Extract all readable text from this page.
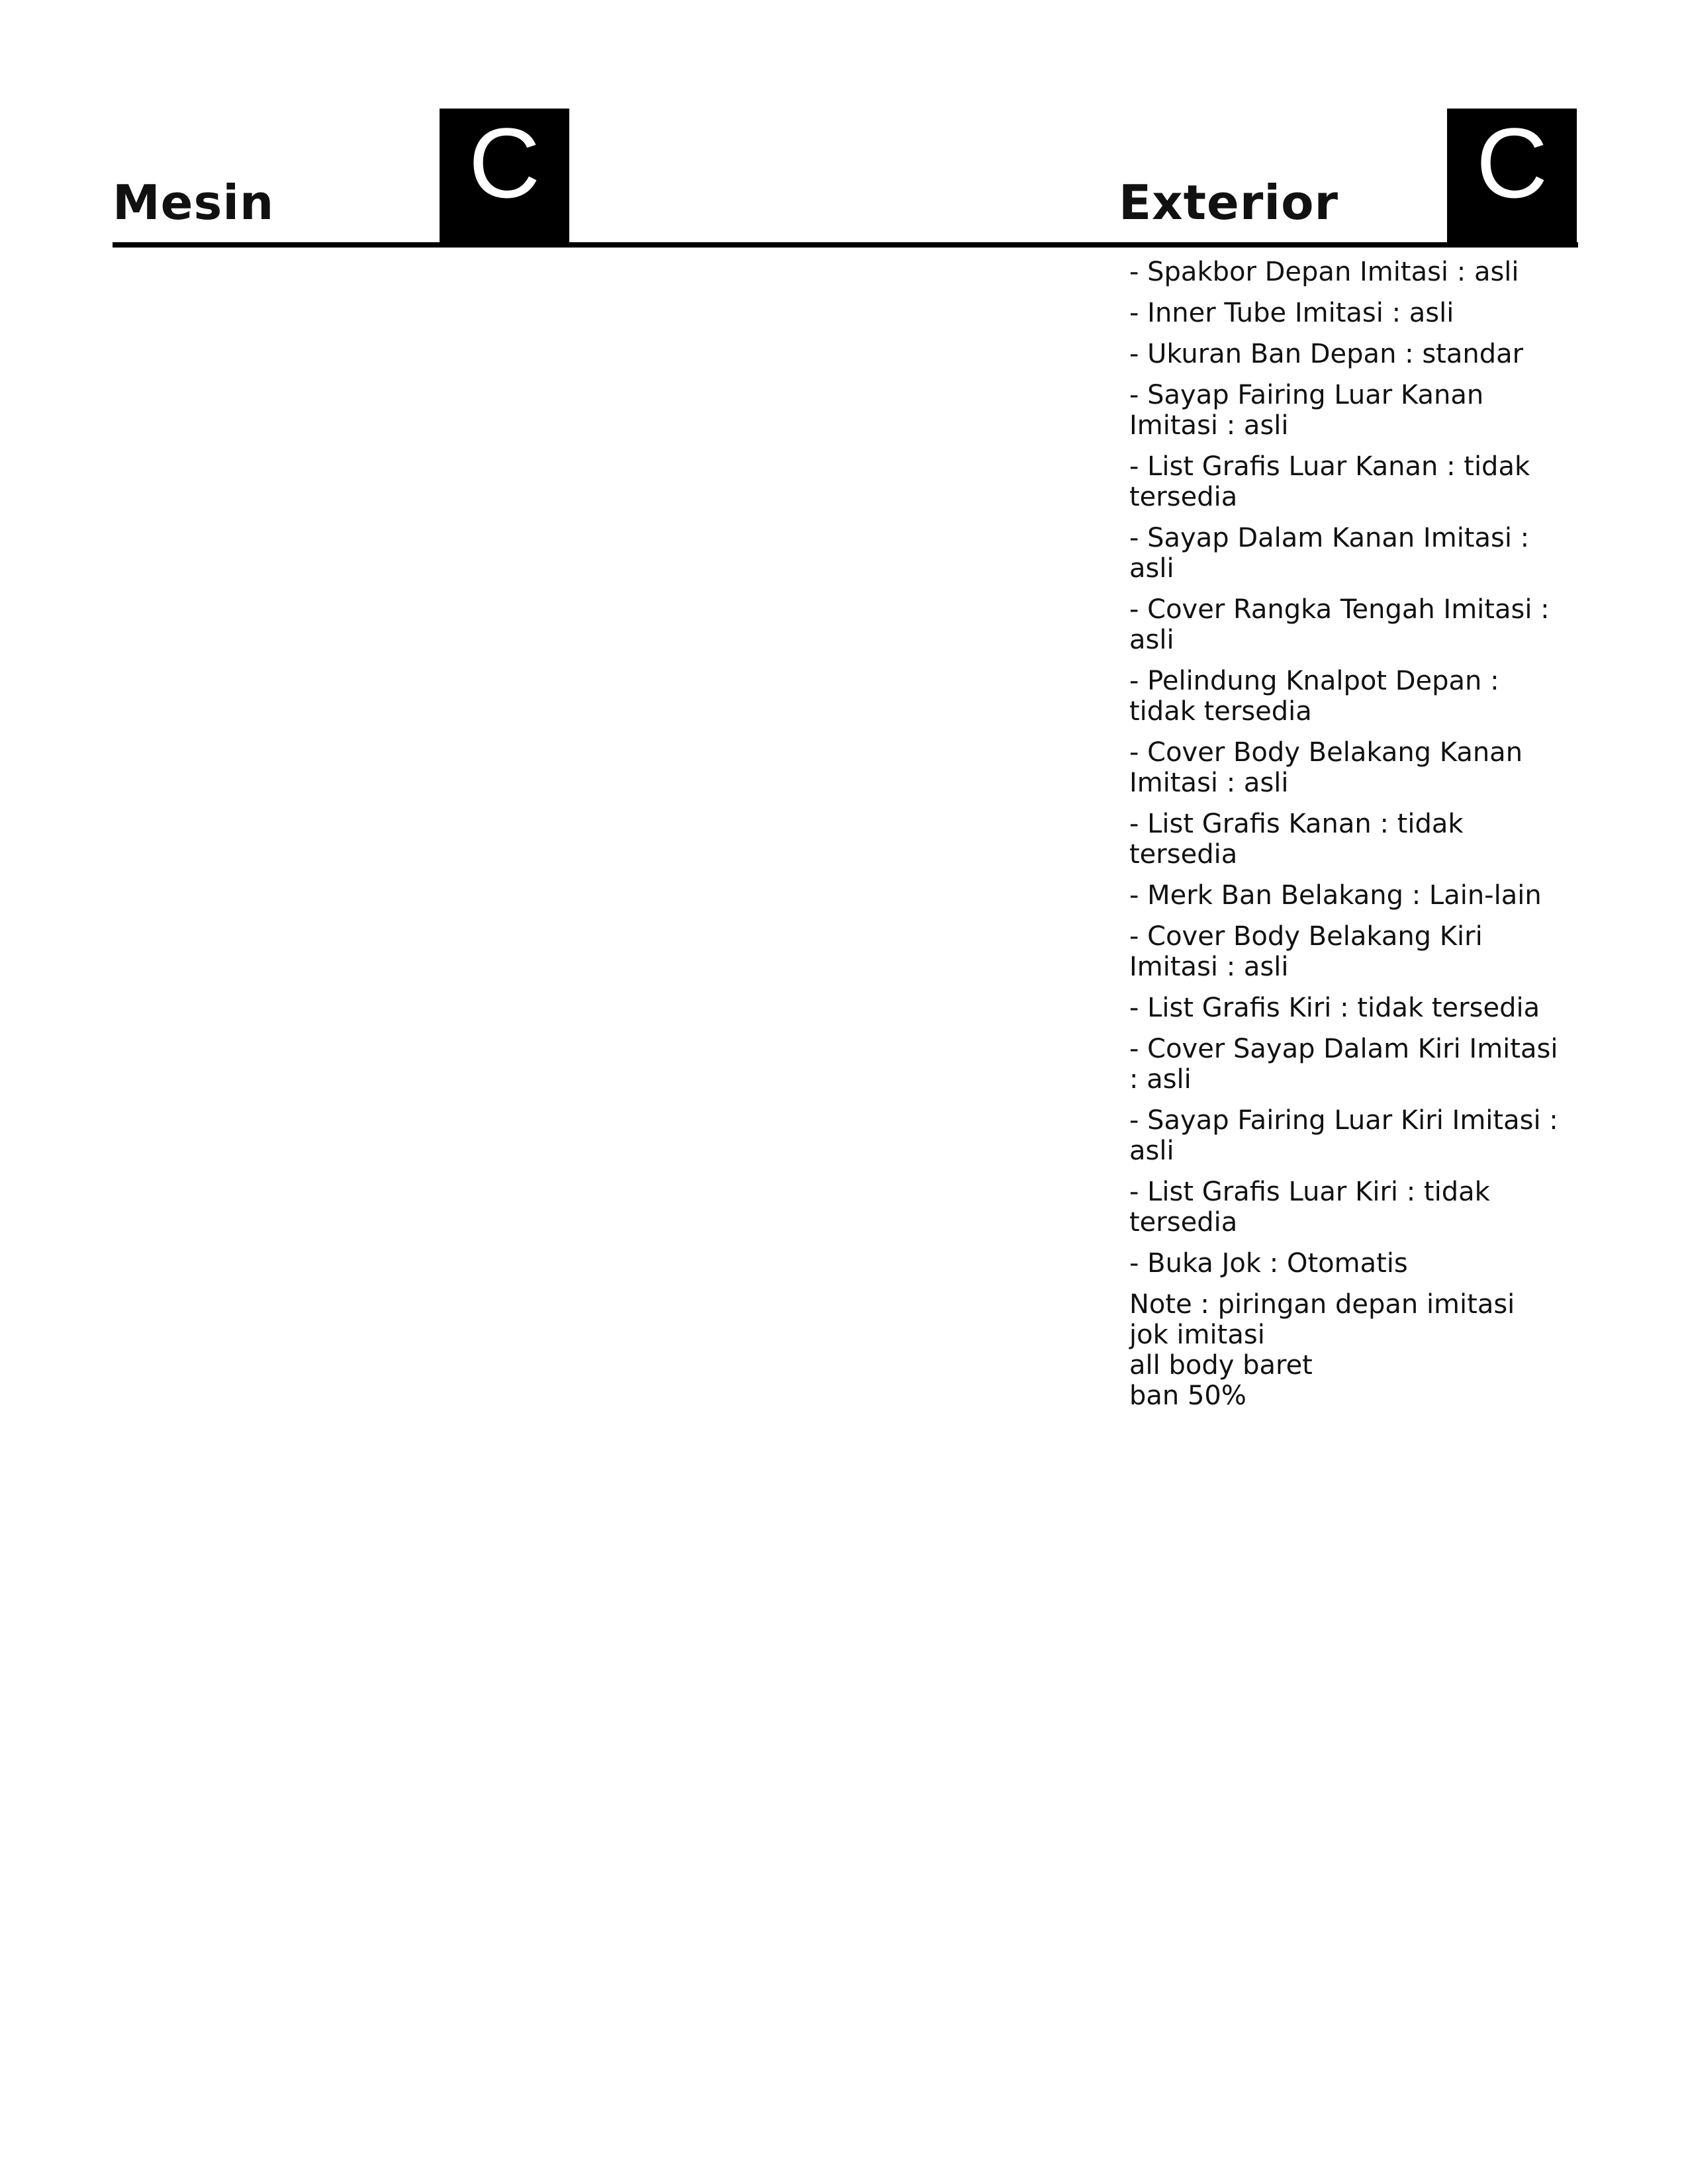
Mesin C	Exterior C
- Spakbor Depan Imitasi : asli
- Inner Tube Imitasi : asli
- Ukuran Ban Depan : standar
- Sayap Fairing Luar Kanan Imitasi : asli
- List Grafis Luar Kanan : tidak tersedia
- Sayap Dalam Kanan Imitasi : asli
- Cover Rangka Tengah Imitasi : asli
- Pelindung Knalpot Depan : tidak tersedia
- Cover Body Belakang Kanan Imitasi : asli
- List Grafis Kanan : tidak tersedia
- Merk Ban Belakang : Lain-lain
- Cover Body Belakang Kiri Imitasi : asli
- List Grafis Kiri : tidak tersedia
- Cover Sayap Dalam Kiri Imitasi : asli
- Sayap Fairing Luar Kiri Imitasi : asli
- List Grafis Luar Kiri : tidak tersedia
- Buka Jok : Otomatis
Note : piringan depan imitasi
jok imitasi
all body baret
ban 50%
